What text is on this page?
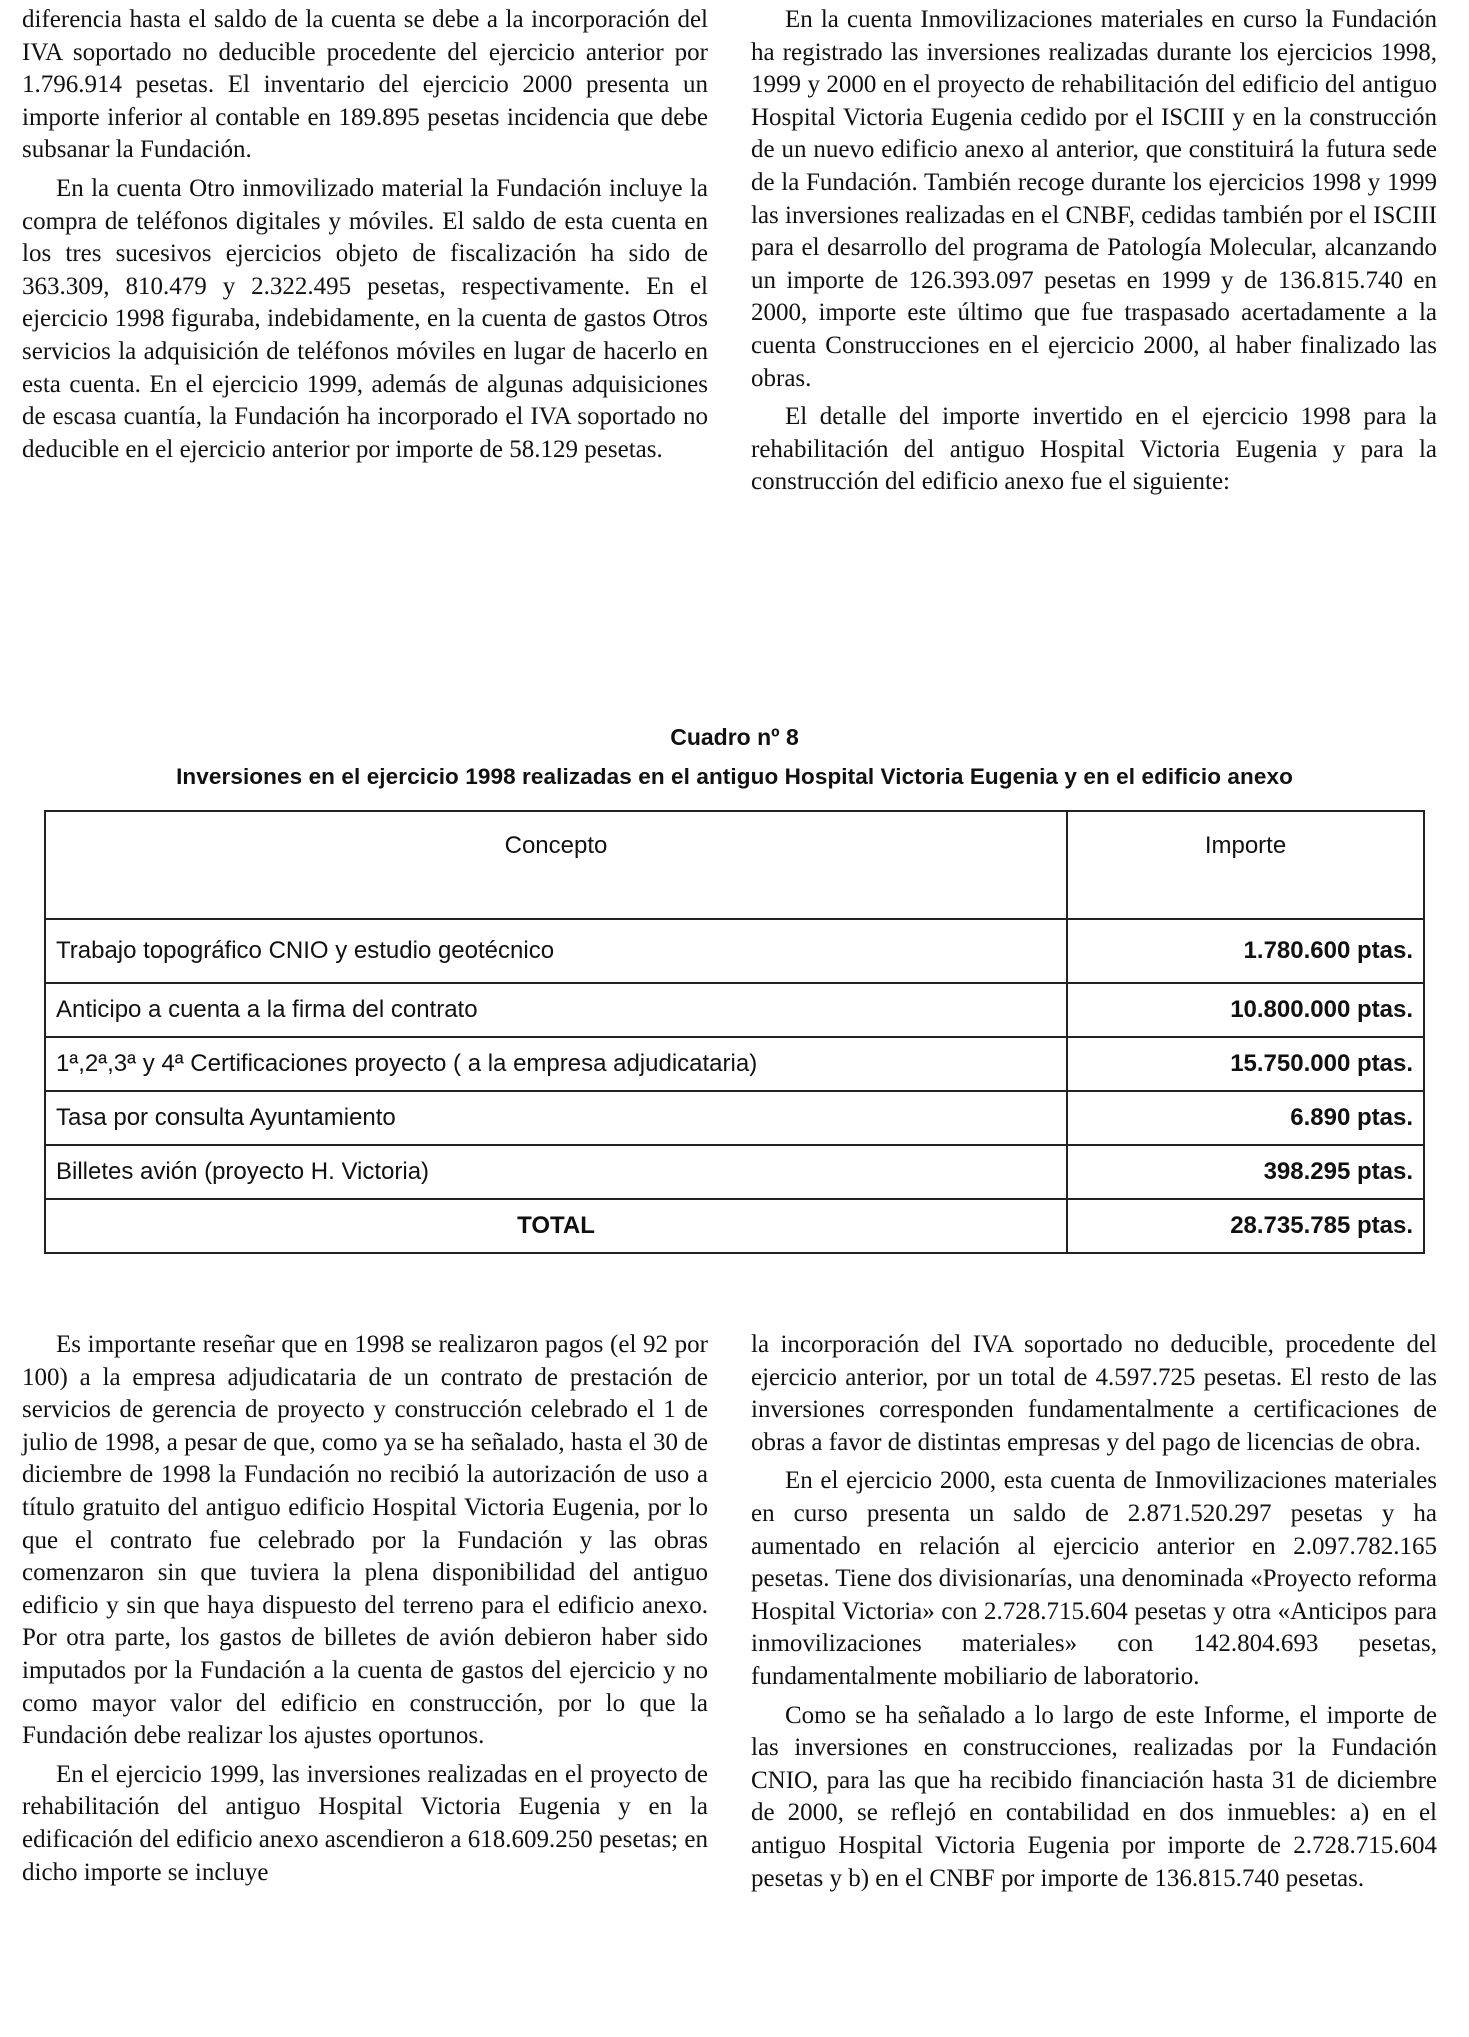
diferencia hasta el saldo de la cuenta se debe a la incorporación del IVA soportado no deducible procedente del ejercicio anterior por 1.796.914 pesetas. El inventario del ejercicio 2000 presenta un importe inferior al contable en 189.895 pesetas incidencia que debe subsanar la Fundación.

En la cuenta Otro inmovilizado material la Fundación incluye la compra de teléfonos digitales y móviles. El saldo de esta cuenta en los tres sucesivos ejercicios objeto de fiscalización ha sido de 363.309, 810.479 y 2.322.495 pesetas, respectivamente. En el ejercicio 1998 figuraba, indebidamente, en la cuenta de gastos Otros servicios la adquisición de teléfonos móviles en lugar de hacerlo en esta cuenta. En el ejercicio 1999, además de algunas adquisiciones de escasa cuantía, la Fundación ha incorporado el IVA soportado no deducible en el ejercicio anterior por importe de 58.129 pesetas.

En la cuenta Inmovilizaciones materiales en curso la Fundación ha registrado las inversiones realizadas durante los ejercicios 1998, 1999 y 2000 en el proyecto de rehabilitación del edificio del antiguo Hospital Victoria Eugenia cedido por el ISCIII y en la construcción de un nuevo edificio anexo al anterior, que constituirá la futura sede de la Fundación. También recoge durante los ejercicios 1998 y 1999 las inversiones realizadas en el CNBF, cedidas también por el ISCIII para el desarrollo del programa de Patología Molecular, alcanzando un importe de 126.393.097 pesetas en 1999 y de 136.815.740 en 2000, importe este último que fue traspasado acertadamente a la cuenta Construcciones en el ejercicio 2000, al haber finalizado las obras.

El detalle del importe invertido en el ejercicio 1998 para la rehabilitación del antiguo Hospital Victoria Eugenia y para la construcción del edificio anexo fue el siguiente:

Cuadro nº 8
Inversiones en el ejercicio 1998 realizadas en el antiguo Hospital Victoria Eugenia y en el edificio anexo
Concepto	Importe
Trabajo topográfico CNIO y estudio geotécnico	1.780.600 ptas.
Anticipo a cuenta a la firma del contrato	10.800.000 ptas.
1ª,2ª,3ª y 4ª Certificaciones proyecto ( a la empresa adjudicataria)	15.750.000 ptas.
Tasa por consulta Ayuntamiento	6.890 ptas.
Billetes avión (proyecto H. Victoria)	398.295 ptas.
TOTAL	28.735.785 ptas.

Es importante reseñar que en 1998 se realizaron pagos (el 92 por 100) a la empresa adjudicataria de un contrato de prestación de servicios de gerencia de proyecto y construcción celebrado el 1 de julio de 1998, a pesar de que, como ya se ha señalado, hasta el 30 de diciembre de 1998 la Fundación no recibió la autorización de uso a título gratuito del antiguo edificio Hospital Victoria Eugenia, por lo que el contrato fue celebrado por la Fundación y las obras comenzaron sin que tuviera la plena disponibilidad del antiguo edificio y sin que haya dispuesto del terreno para el edificio anexo. Por otra parte, los gastos de billetes de avión debieron haber sido imputados por la Fundación a la cuenta de gastos del ejercicio y no como mayor valor del edificio en construcción, por lo que la Fundación debe realizar los ajustes oportunos.

En el ejercicio 1999, las inversiones realizadas en el proyecto de rehabilitación del antiguo Hospital Victoria Eugenia y en la edificación del edificio anexo ascendieron a 618.609.250 pesetas; en dicho importe se incluye

la incorporación del IVA soportado no deducible, procedente del ejercicio anterior, por un total de 4.597.725 pesetas. El resto de las inversiones corresponden fundamentalmente a certificaciones de obras a favor de distintas empresas y del pago de licencias de obra.

En el ejercicio 2000, esta cuenta de Inmovilizaciones materiales en curso presenta un saldo de 2.871.520.297 pesetas y ha aumentado en relación al ejercicio anterior en 2.097.782.165 pesetas. Tiene dos divisionarías, una denominada «Proyecto reforma Hospital Victoria» con 2.728.715.604 pesetas y otra «Anticipos para inmovilizaciones materiales» con 142.804.693 pesetas, fundamentalmente mobiliario de laboratorio.

Como se ha señalado a lo largo de este Informe, el importe de las inversiones en construcciones, realizadas por la Fundación CNIO, para las que ha recibido financiación hasta 31 de diciembre de 2000, se reflejó en contabilidad en dos inmuebles: a) en el antiguo Hospital Victoria Eugenia por importe de 2.728.715.604 pesetas y b) en el CNBF por importe de 136.815.740 pesetas.
